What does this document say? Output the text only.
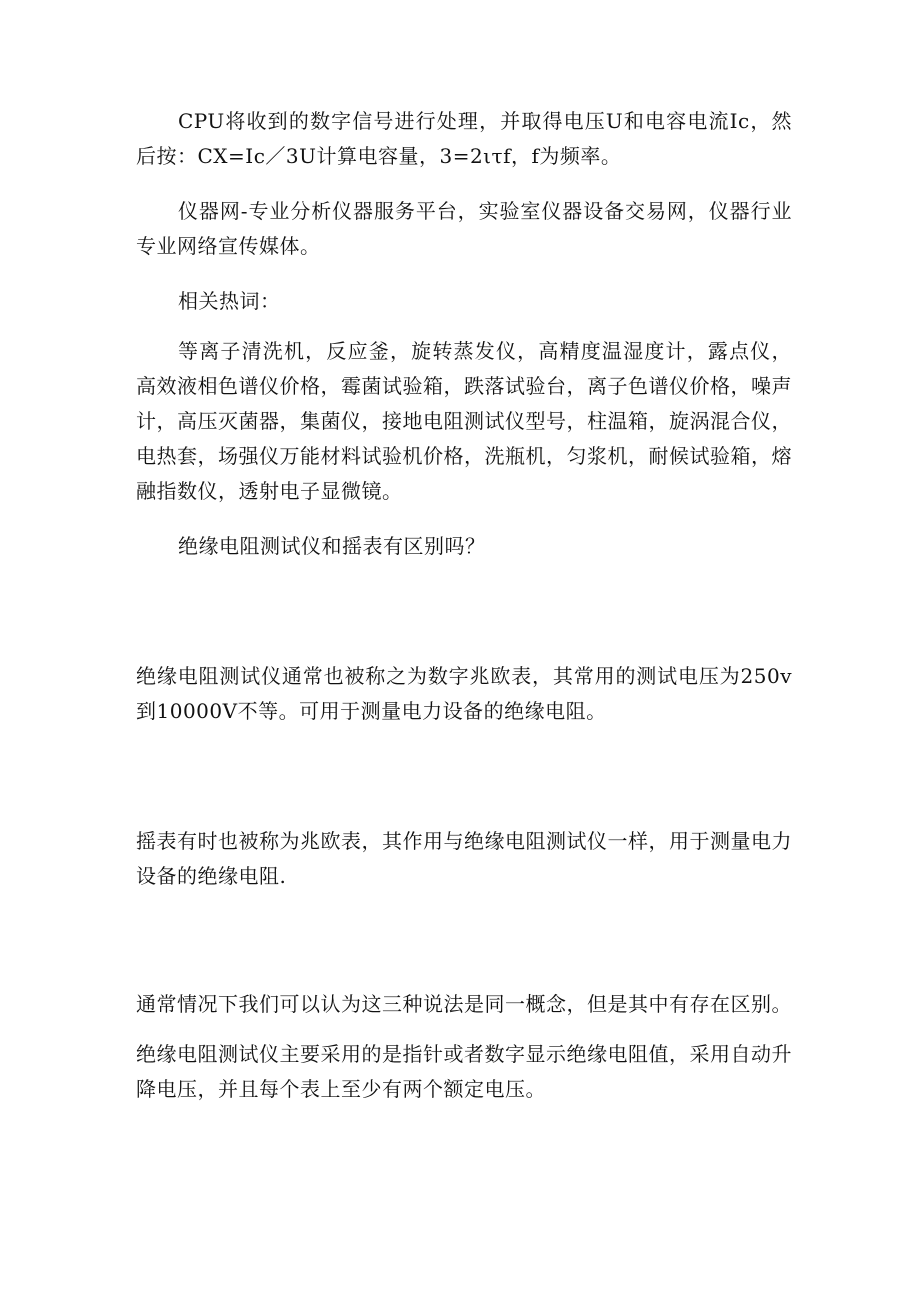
CPU将收到的数字信号进行处理，并取得电压U和电容电流Ic，然后按：CX=Ic／3U计算电容量，3=2ιτf，f为频率。

仪器网-专业分析仪器服务平台，实验室仪器设备交易网，仪器行业专业网络宣传媒体。

相关热词：

等离子清洗机，反应釜，旋转蒸发仪，高精度温湿度计，露点仪，高效液相色谱仪价格，霉菌试验箱，跌落试验台，离子色谱仪价格，噪声计，高压灭菌器，集菌仪，接地电阻测试仪型号，柱温箱，旋涡混合仪，电热套，场强仪万能材料试验机价格，洗瓶机，匀浆机，耐候试验箱，熔融指数仪，透射电子显微镜。

绝缘电阻测试仪和摇表有区别吗？

绝缘电阻测试仪通常也被称之为数字兆欧表，其常用的测试电压为250v到10000V不等。可用于测量电力设备的绝缘电阻。

摇表有时也被称为兆欧表，其作用与绝缘电阻测试仪一样，用于测量电力设备的绝缘电阻.

通常情况下我们可以认为这三种说法是同一概念，但是其中有存在区别。

绝缘电阻测试仪主要采用的是指针或者数字显示绝缘电阻值，采用自动升降电压，并且每个表上至少有两个额定电压。
